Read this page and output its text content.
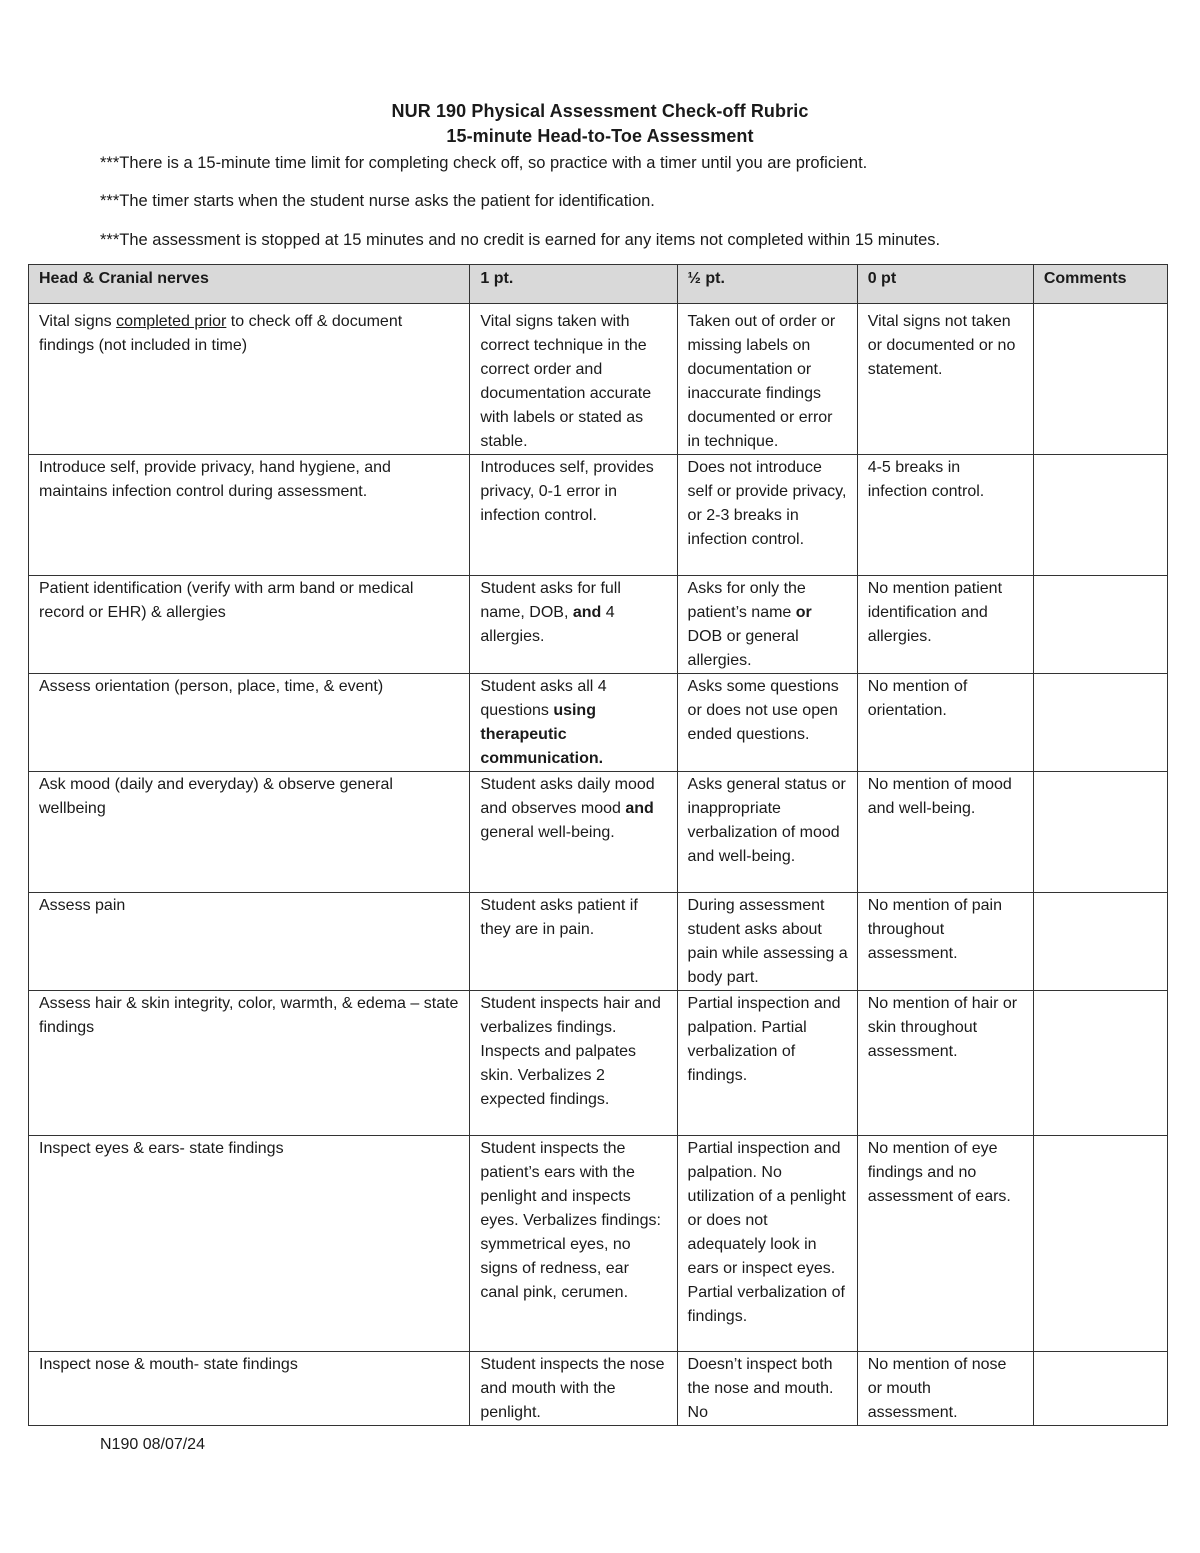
NUR 190 Physical Assessment Check-off Rubric
15-minute Head-to-Toe Assessment
***There is a 15-minute time limit for completing check off, so practice with a timer until you are proficient.
***The timer starts when the student nurse asks the patient for identification.
***The assessment is stopped at 15 minutes and no credit is earned for any items not completed within 15 minutes.
Head & Cranial nerves	1 pt.	½ pt.	0 pt	Comments
Vital signs completed prior to check off & document findings (not included in time)	Vital signs taken with correct technique in the correct order and documentation accurate with labels or stated as stable.	Taken out of order or missing labels on documentation or inaccurate findings documented or error in technique.	Vital signs not taken or documented or no statement.	
Introduce self, provide privacy, hand hygiene, and maintains infection control during assessment.	Introduces self, provides privacy, 0-1 error in infection control.	Does not introduce self or provide privacy, or 2-3 breaks in infection control.	4-5 breaks in infection control.	
Patient identification (verify with arm band or medical record or EHR) & allergies	Student asks for full name, DOB, and 4 allergies.	Asks for only the patient’s name or DOB or general allergies.	No mention patient identification and allergies.	
Assess orientation (person, place, time, & event)	Student asks all 4 questions using therapeutic communication.	Asks some questions or does not use open ended questions.	No mention of orientation.	
Ask mood (daily and everyday) & observe general wellbeing	Student asks daily mood and observes mood and general well-being.	Asks general status or inappropriate verbalization of mood and well-being.	No mention of mood and well-being.	
Assess pain	Student asks patient if they are in pain.	During assessment student asks about pain while assessing a body part.	No mention of pain throughout assessment.	
Assess hair & skin integrity, color, warmth, & edema – state findings	Student inspects hair and verbalizes findings. Inspects and palpates skin. Verbalizes 2 expected findings.	Partial inspection and palpation. Partial verbalization of findings.	No mention of hair or skin throughout assessment.	
Inspect eyes & ears- state findings	Student inspects the patient’s ears with the penlight and inspects eyes. Verbalizes findings: symmetrical eyes, no signs of redness, ear canal pink, cerumen.	Partial inspection and palpation. No utilization of a penlight or does not adequately look in ears or inspect eyes. Partial verbalization of findings.	No mention of eye findings and no assessment of ears.	
Inspect nose & mouth- state findings	Student inspects the nose and mouth with the penlight.	Doesn’t inspect both the nose and mouth. No	No mention of nose or mouth assessment.	
N190 08/07/24
